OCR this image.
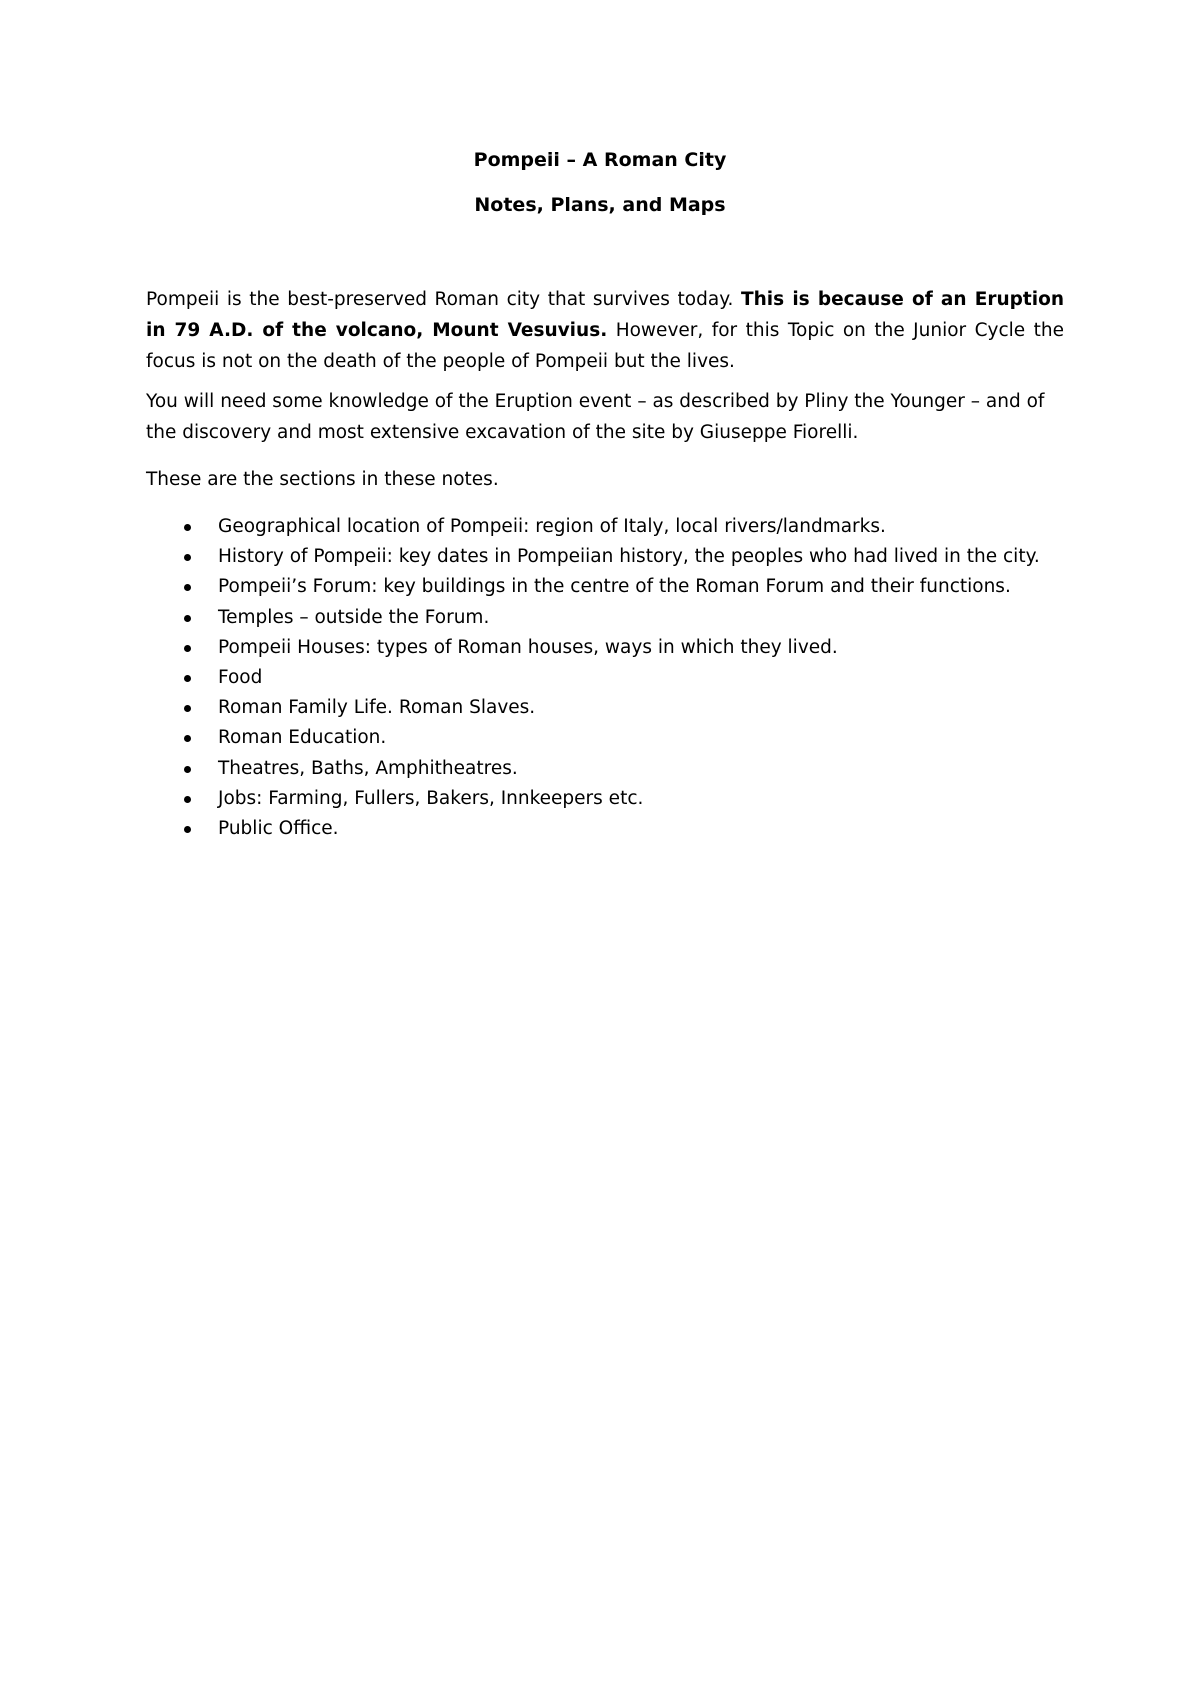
Pompeii – A Roman City
Notes, Plans, and Maps

Pompeii is the best-preserved Roman city that survives today. This is because of an Eruption in 79 A.D. of the volcano, Mount Vesuvius. However, for this Topic on the Junior Cycle the focus is not on the death of the people of Pompeii but the lives.

You will need some knowledge of the Eruption event – as described by Pliny the Younger – and of the discovery and most extensive excavation of the site by Giuseppe Fiorelli.

These are the sections in these notes.

Geographical location of Pompeii: region of Italy, local rivers/landmarks.
History of Pompeii: key dates in Pompeiian history, the peoples who had lived in the city.
Pompeii’s Forum: key buildings in the centre of the Roman Forum and their functions.
Temples – outside the Forum.
Pompeii Houses: types of Roman houses, ways in which they lived.
Food
Roman Family Life. Roman Slaves.
Roman Education.
Theatres, Baths, Amphitheatres.
Jobs: Farming, Fullers, Bakers, Innkeepers etc.
Public Office.
